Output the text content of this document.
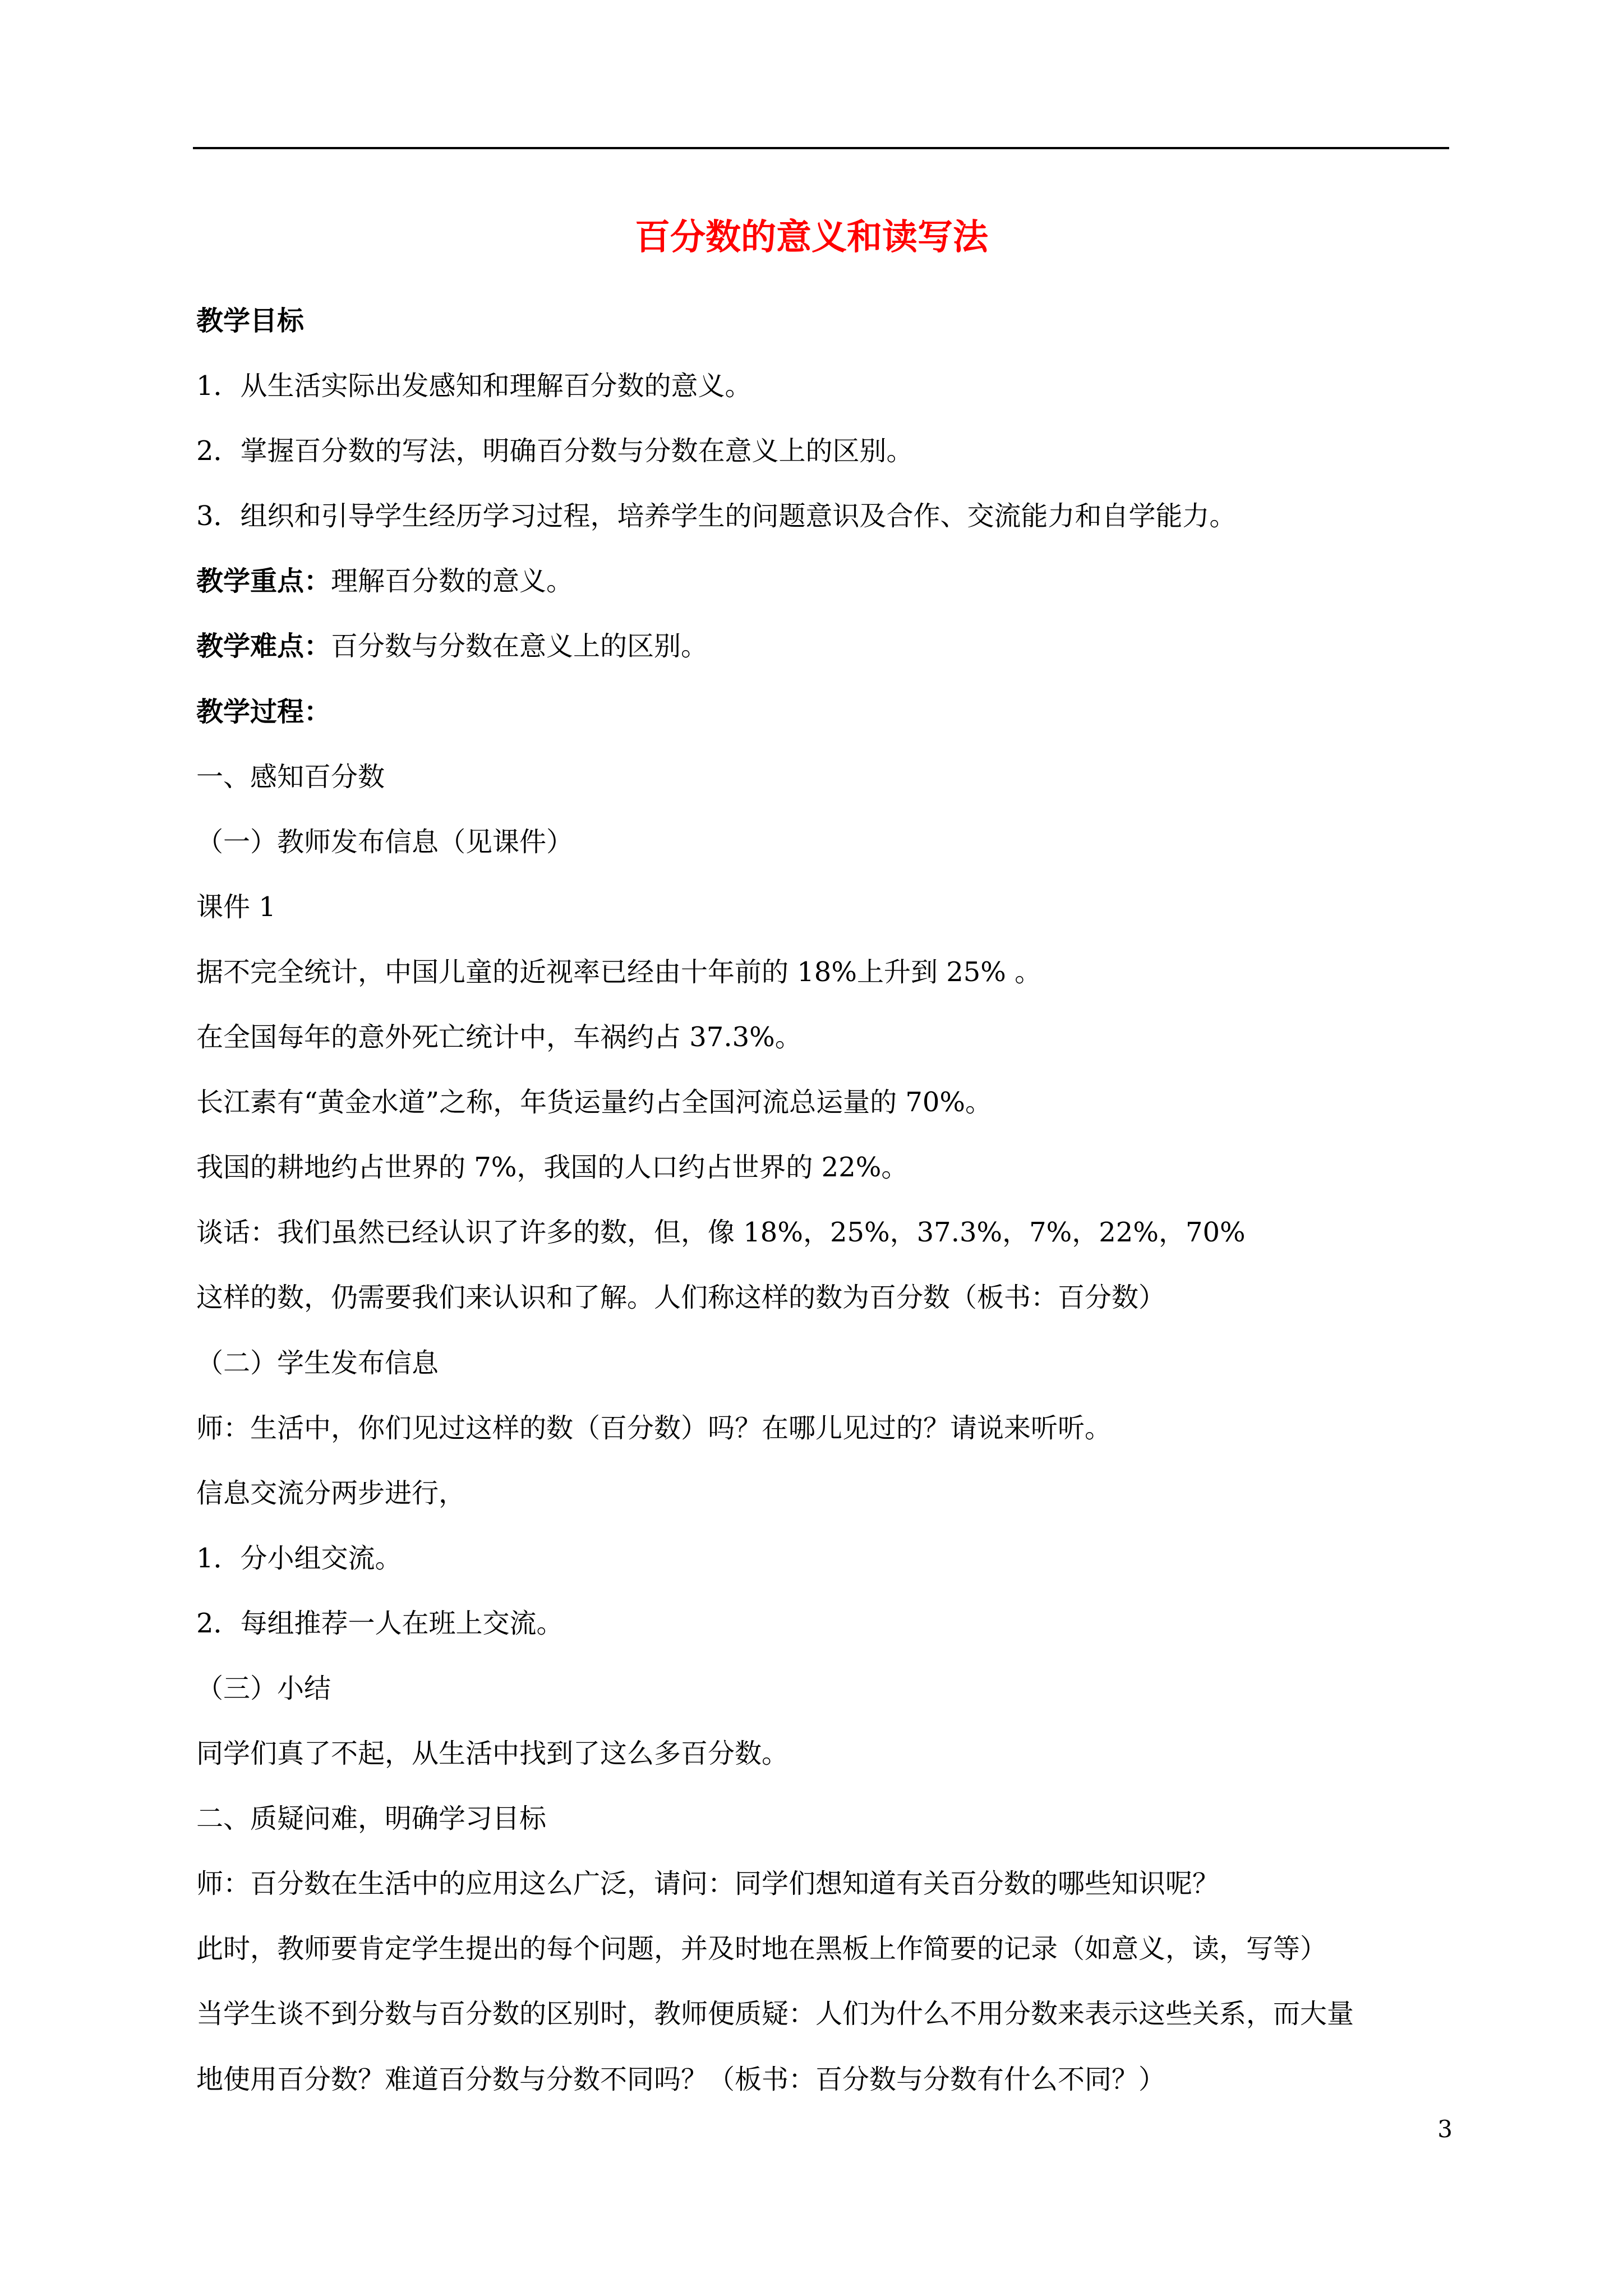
百分数的意义和读写法
教学目标
1．从生活实际出发感知和理解百分数的意义。
2．掌握百分数的写法，明确百分数与分数在意义上的区别。
3．组织和引导学生经历学习过程，培养学生的问题意识及合作、交流能力和自学能力。
教学重点：理解百分数的意义。
教学难点：百分数与分数在意义上的区别。
教学过程：
一、感知百分数
（一）教师发布信息（见课件）
课件 1
据不完全统计，中国儿童的近视率已经由十年前的 18%上升到 25% 。
在全国每年的意外死亡统计中，车祸约占 37.3%。
长江素有“黄金水道”之称，年货运量约占全国河流总运量的 70%。
我国的耕地约占世界的 7%，我国的人口约占世界的 22%。
谈话：我们虽然已经认识了许多的数，但，像 18%，25%，37.3%，7%，22%，70%
这样的数，仍需要我们来认识和了解。人们称这样的数为百分数（板书：百分数）
（二）学生发布信息
师：生活中，你们见过这样的数（百分数）吗？在哪儿见过的？请说来听听。
信息交流分两步进行，
1．分小组交流。
2．每组推荐一人在班上交流。
（三）小结
同学们真了不起，从生活中找到了这么多百分数。
二、质疑问难，明确学习目标
师：百分数在生活中的应用这么广泛，请问：同学们想知道有关百分数的哪些知识呢？
此时，教师要肯定学生提出的每个问题，并及时地在黑板上作简要的记录（如意义，读，写等）
当学生谈不到分数与百分数的区别时，教师便质疑：人们为什么不用分数来表示这些关系，而大量
地使用百分数？难道百分数与分数不同吗？（板书：百分数与分数有什么不同？）
3
